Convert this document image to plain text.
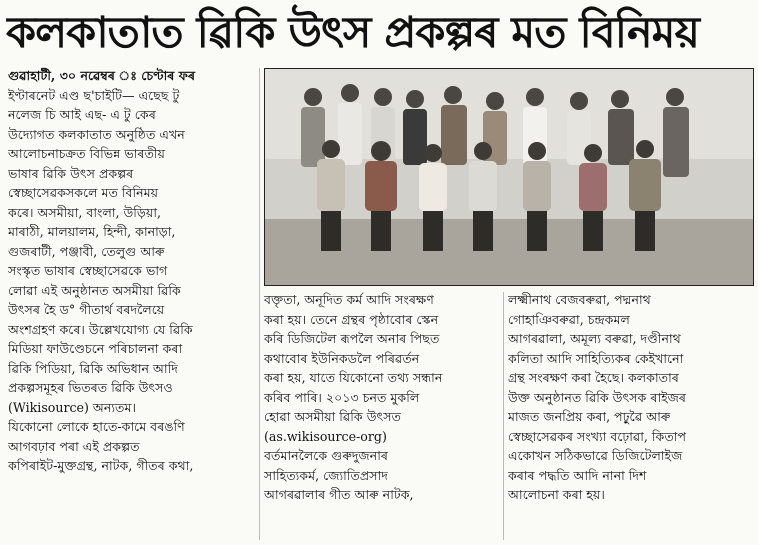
কলকাতাত ৱিকি উৎস প্ৰকল্পৰ মত বিনিময়
গুৱাহাটী, ৩০ নৱেম্বৰ ঃ চেণ্টাৰ ফৰ
ইণ্টাৰনেট এণ্ড ছ'চাইটি— এছেছ টু
নলেজ চি আই এছ- এ টু কেৰ
উদ্যোগত কলকাতাত অনুষ্ঠিত এখন
আলোচনাচক্ৰত বিভিন্ন ভাৰতীয়
ভাষাৰ ৱিকি উৎস প্ৰকল্পৰ
স্বেচ্ছাসেৱকসকলে মত বিনিময়
কৰে। অসমীয়া, বাংলা, উড়িয়া,
মাৰাঠী, মালয়ালম, হিন্দী, কানাড়া,
গুজৰাটী, পঞ্জাবী, তেলুগু আৰু
সংস্কৃত ভাষাৰ স্বেচ্ছাসেৱকে ভাগ
লোৱা এই অনুষ্ঠানত অসমীয়া ৱিকি
উৎসৰ হৈ ড° গীতাৰ্থ বৰদলৈয়ে
অংশগ্ৰহণ কৰে। উল্লেখযোগ্য যে ৱিকি
মিডিয়া ফাউণ্ডেচনে পৰিচালনা কৰা
ৱিকি পিডিয়া, ৱিকি অভিধান আদি
প্ৰকল্পসমূহৰ ভিতৰত ৱিকি উৎসও
(Wikisource) অন্যতম।
যিকোনো লোকে হাতে-কামে বৰঙণি
আগবঢ়াব পৰা এই প্ৰকল্পত
কপিৰাইট-মুক্তগ্ৰন্থ, নাটক, গীতৰ কথা,
বক্তৃতা, অনূদিত কৰ্ম আদি সংৰক্ষণ
কৰা হয়। তেনে গ্ৰন্থৰ পৃষ্ঠাবোৰ স্কেন
কৰি ডিজিটেল ৰূপলৈ অনাৰ পিছত
কথাবোৰ ইউনিকডলৈ পৰিৱৰ্তন
কৰা হয়, যাতে যিকোনো তথ্য সন্ধান
কৰিব পাৰি। ২০১৩ চনত মুকলি
হোৱা অসমীয়া ৱিকি উৎসত
(as.wikisource-org)
বৰ্তমানলৈকে গুৰুদুজনাৰ
সাহিত্যকৰ্ম, জ্যোতিপ্ৰসাদ
আগৰৱালাৰ গীত আৰু নাটক,
লক্ষ্মীনাথ বেজবৰুৱা, পদ্মনাথ
গোহাঞিবৰুৱা, চন্দ্ৰকমল
আগৰৱালা, অমূল্য বৰুৱা, দণ্ডীনাথ
কলিতা আদি সাহিত্যিকৰ কেইখানো
গ্ৰন্থ সংৰক্ষণ কৰা হৈছে। কলকাতাৰ
উক্ত অনুষ্ঠানত ৱিকি উৎসক ৰাইজৰ
মাজত জনপ্ৰিয় কৰা, পঢ়ুৱৈ আৰু
স্বেচ্ছাসেৱকৰ সংখ্যা বঢ়োৱা, কিতাপ
একোখন সঠিকভাৱে ডিজিটেলাইজ
কৰাৰ পদ্ধতি আদি নানা দিশ
আলোচনা কৰা হয়।
